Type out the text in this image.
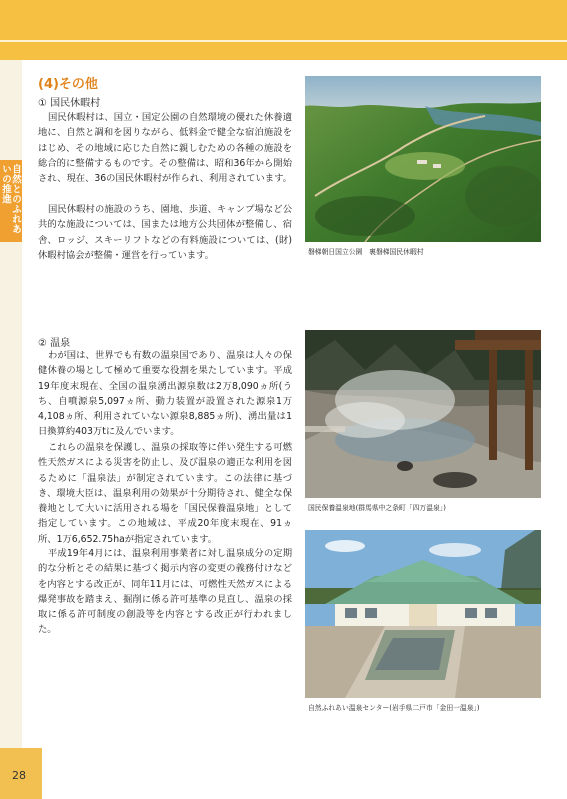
自然とのふれあいの推進
(4)その他
① 国民休暇村

国民休暇村は、国立・国定公園の自然環境の優れた休養適地に、自然と調和を図りながら、低料金で健全な宿泊施設をはじめ、その地域に応じた自然に親しむための各種の施設を総合的に整備するものです。その整備は、昭和36年から開始され、現在、36の国民休暇村が作られ、利用されています。

国民休暇村の施設のうち、園地、歩道、キャンプ場など公共的な施設については、国または地方公共団体が整備し、宿舎、ロッジ、スキーリフトなどの有料施設については、(財)休暇村協会が整備・運営を行っています。	磐梯朝日国立公園　裏磐梯国民休暇村
② 温泉

わが国は、世界でも有数の温泉国であり、温泉は人々の保健休養の場として極めて重要な役割を果たしています。平成19年度末現在、全国の温泉湧出源泉数は2万8,090ヵ所(うち、自噴源泉5,097ヵ所、動力装置が設置された源泉1万4,108ヵ所、利用されていない源泉8,885ヵ所)、湧出量は1日換算約403万tに及んでいます。

これらの温泉を保護し、温泉の採取等に伴い発生する可燃性天然ガスによる災害を防止し、及び温泉の適正な利用を図るために「温泉法」が制定されています。この法律に基づき、環境大臣は、温泉利用の効果が十分期待され、健全な保養地として大いに活用される場を「国民保養温泉地」として指定しています。この地域は、平成20年度末現在、91ヵ所、1万6,652.75haが指定されています。

平成19年4月には、温泉利用事業者に対し温泉成分の定期的な分析とその結果に基づく掲示内容の変更の義務付けなどを内容とする改正が、同年11月には、可燃性天然ガスによる爆発事故を踏まえ、掘削に係る許可基準の見直し、温泉の採取に係る許可制度の創設等を内容とする改正が行われました。

国民保養温泉地(群馬県中之条町「四万温泉」)
自然ふれあい温泉センター(岩手県二戸市「金田一温泉」)
28
